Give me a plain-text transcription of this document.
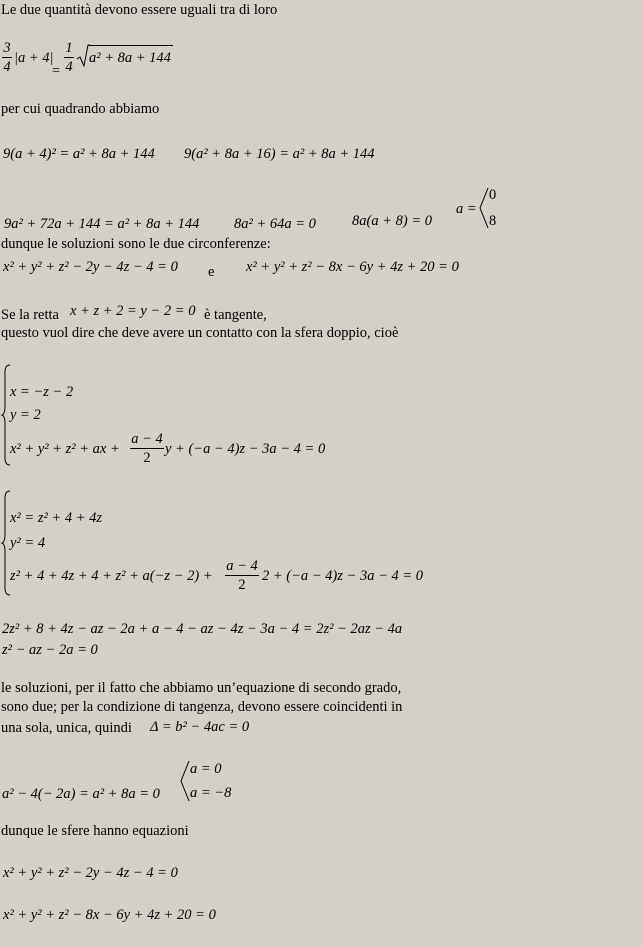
Le due quantità devono essere uguali tra di loro
3
4
|a + 4|
=
1
4
a² + 8a + 144
per cui quadrando abbiamo
9(a + 4)² = a² + 8a + 144 9(a² + 8a + 16) = a² + 8a + 144
9a² + 72a + 144 = a² + 8a + 144 8a² + 64a = 0 8a(a + 8) = 0
a =
0
8
dunque le soluzioni sono le due circonferenze:
x² + y² + z² − 2y − 4z − 4 = 0 e x² + y² + z² − 8x − 6y + 4z + 20 = 0
Se la retta x + z + 2 = y − 2 = 0 è tangente,
questo vuol dire che deve avere un contatto con la sfera doppio, cioè
x = −z − 2
y = 2
x² + y² + z² + ax +
a − 4
2
y + (−a − 4)z − 3a − 4 = 0
x² = z² + 4 + 4z
y² = 4
z² + 4 + 4z + 4 + z² + a(−z − 2) +
a − 4
2
2 + (−a − 4)z − 3a − 4 = 0
2z² + 8 + 4z − az − 2a + a − 4 − az − 4z − 3a − 4 = 2z² − 2az − 4a
z² − az − 2a = 0
le soluzioni, per il fatto che abbiamo un’equazione di secondo grado,
sono due; per la condizione di tangenza, devono essere coincidenti in
una sola, unica, quindi Δ = b² − 4ac = 0
a² − 4(− 2a) = a² + 8a = 0
a = 0
a = −8
dunque le sfere hanno equazioni
x² + y² + z² − 2y − 4z − 4 = 0
x² + y² + z² − 8x − 6y + 4z + 20 = 0
